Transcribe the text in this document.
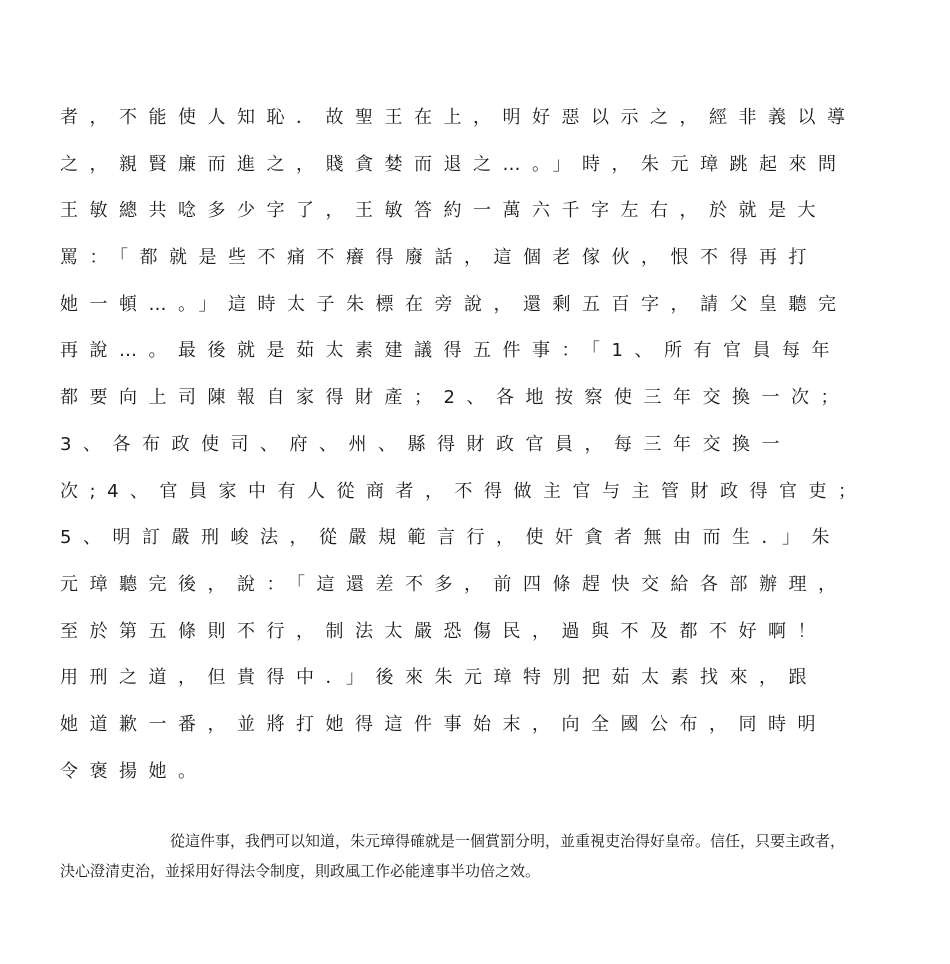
者，不能使人知恥．故聖王在上，明好惡以示之，經非義以導
之，親賢廉而進之，賤貪婪而退之…。」時，朱元璋跳起來問
王敏總共唸多少字了，王敏答約一萬六千字左右，於就是大
罵：「都就是些不痛不癢得廢話，這個老傢伙，恨不得再打
她一頓…。」這時太子朱標在旁說，還剩五百字，請父皇聽完
再說…。最後就是茹太素建議得五件事：「1、所有官員每年
都要向上司陳報自家得財產；2、各地按察使三年交換一次；
3、各布政使司、府、州、縣得財政官員，每三年交換一
次;4、官員家中有人從商者，不得做主官与主管財政得官吏；
5、明訂嚴刑峻法，從嚴規範言行，使奸貪者無由而生．」朱
元璋聽完後，說：「這還差不多，前四條趕快交給各部辦理，
至於第五條則不行，制法太嚴恐傷民，過與不及都不好啊！
用刑之道，但貴得中．」後來朱元璋特別把茹太素找來，跟
她道歉一番，並將打她得這件事始末，向全國公布，同時明
令褒揚她。
從這件事，我們可以知道，朱元璋得確就是一個賞罰分明，並重視吏治得好皇帝。信任，只要主政者，
決心澄清吏治，並採用好得法令制度，則政風工作必能達事半功倍之效。
